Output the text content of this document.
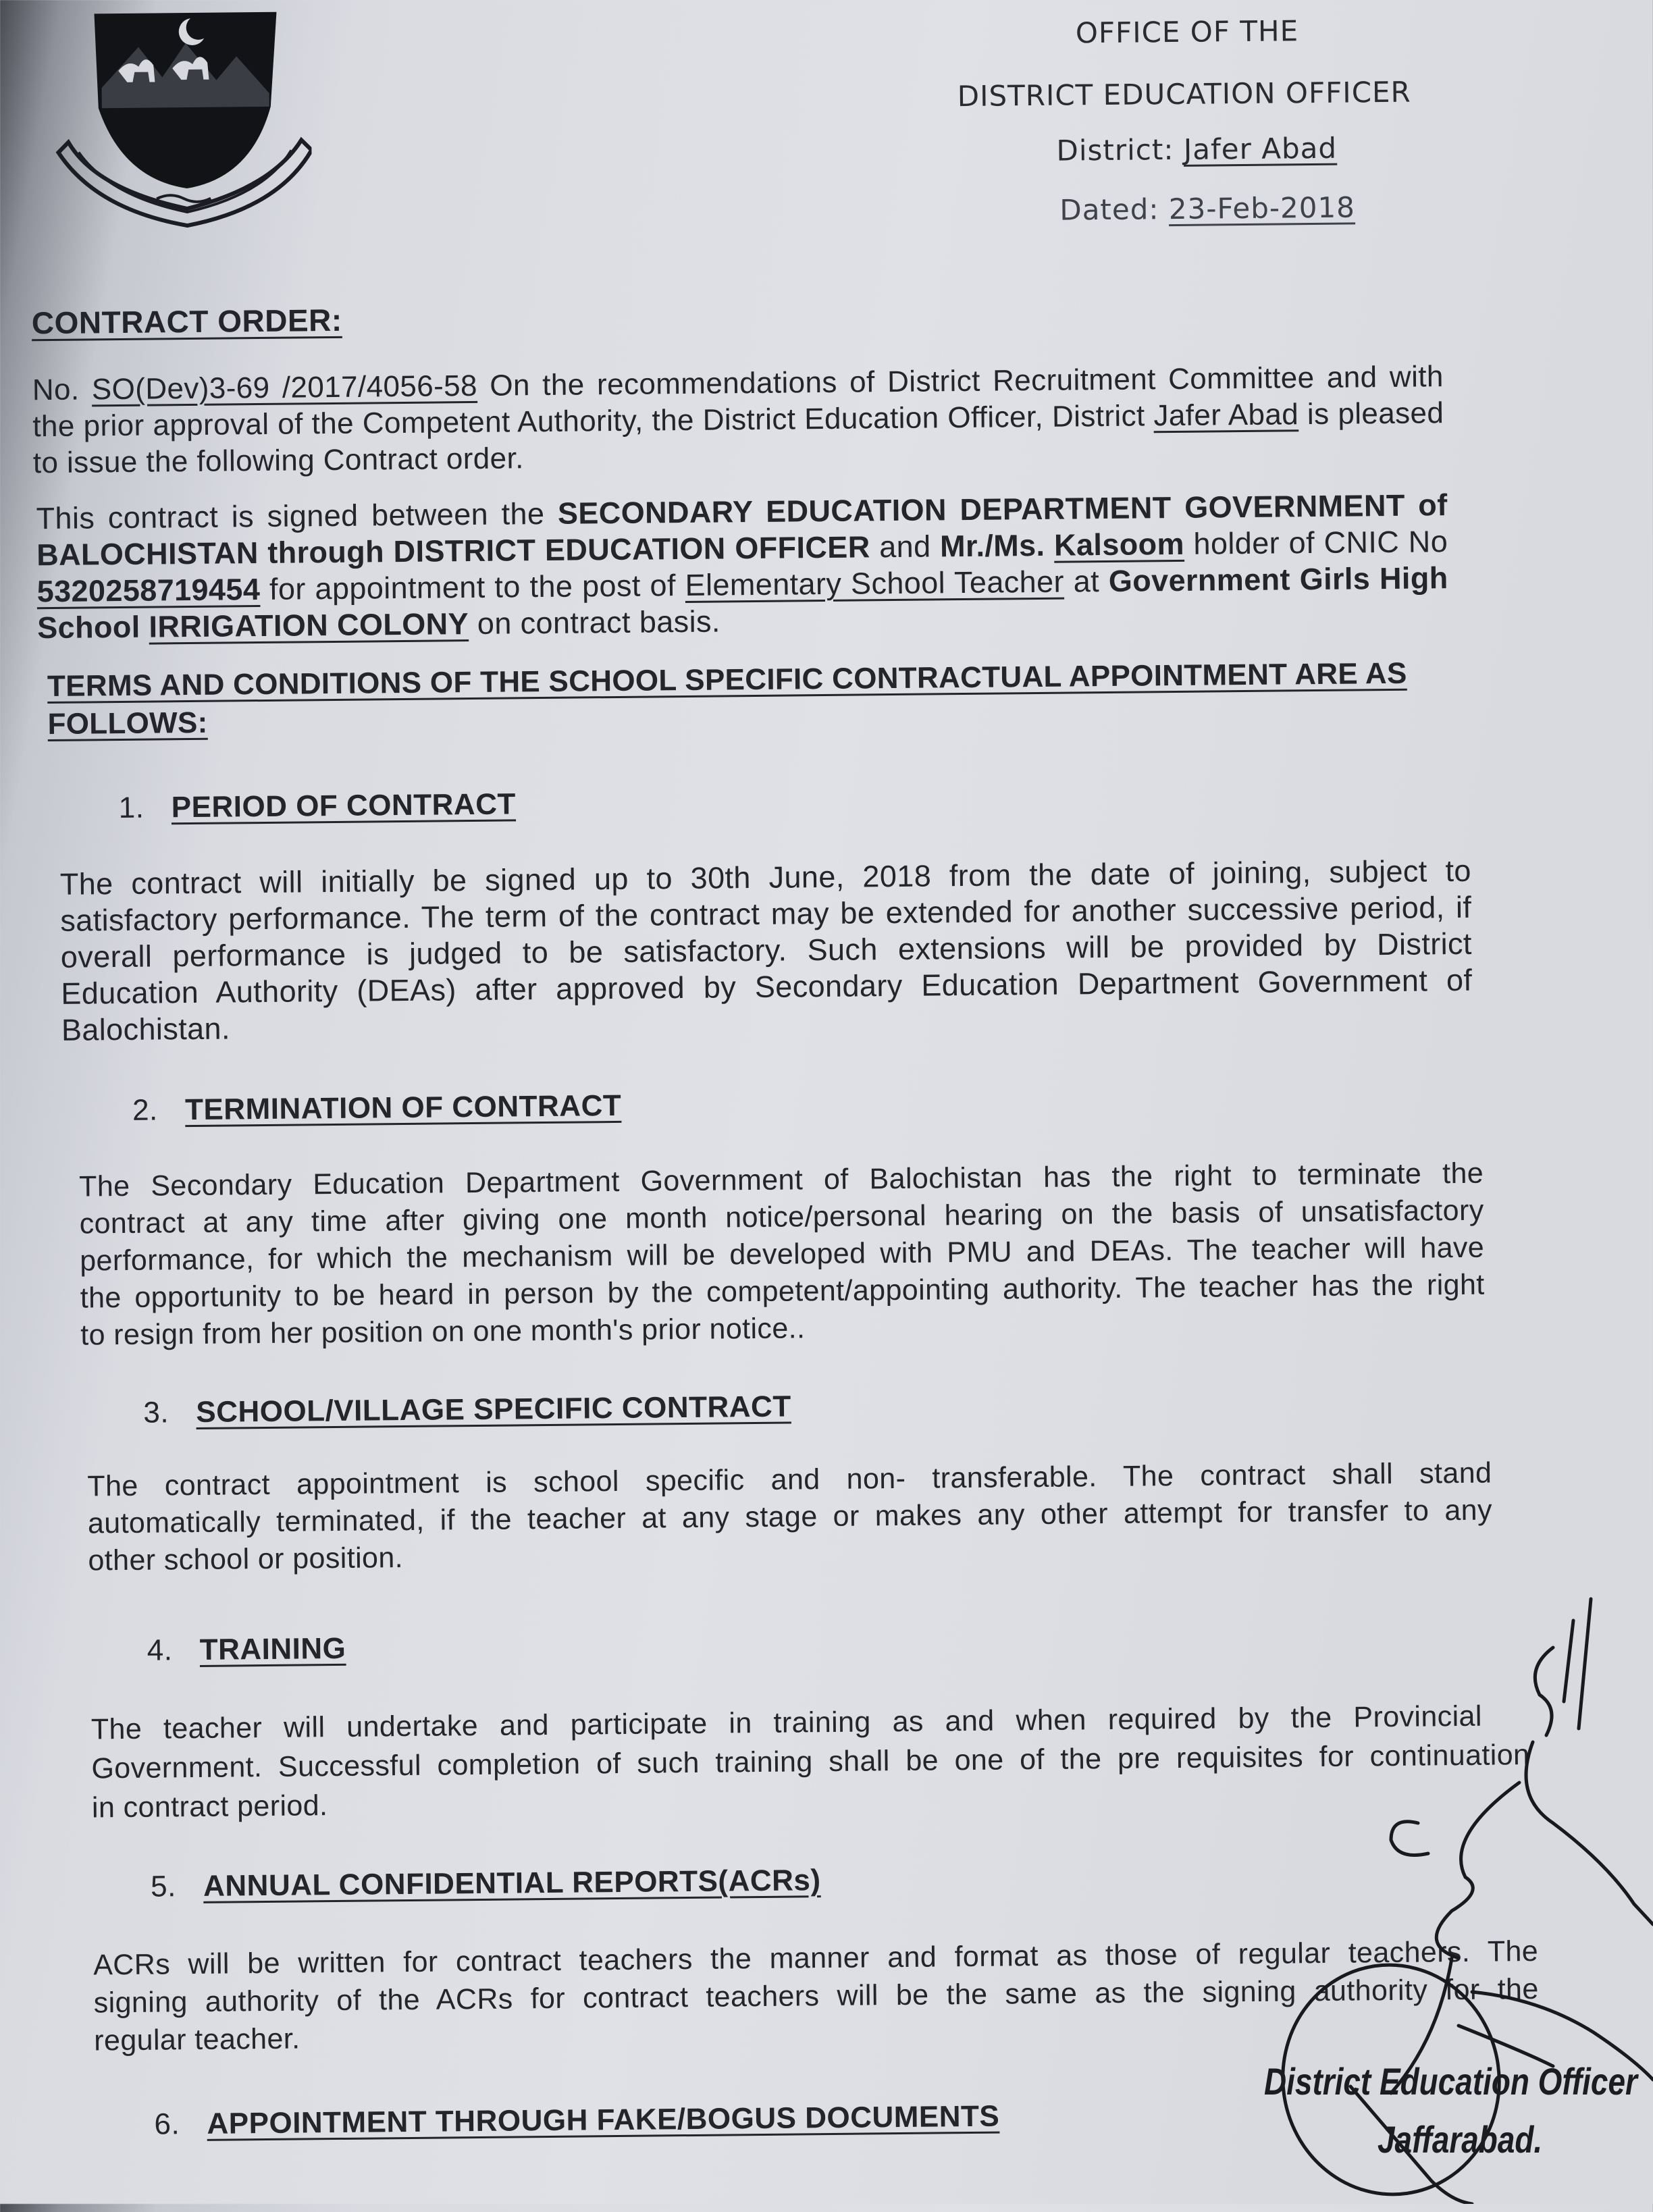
OFFICE OF THE
DISTRICT EDUCATION OFFICER
District: Jafer Abad
Dated: 23-Feb-2018
CONTRACT ORDER:
No. SO(Dev)3-69 /2017/4056-58 On the recommendations of District Recruitment Committee and with the prior approval of the Competent Authority, the District Education Officer, District Jafer Abad is pleased to issue the following Contract order.
This contract is signed between the SECONDARY EDUCATION DEPARTMENT GOVERNMENT of BALOCHISTAN through DISTRICT EDUCATION OFFICER and Mr./Ms. Kalsoom holder of CNIC No 5320258719454 for appointment to the post of Elementary School Teacher at Government Girls High School IRRIGATION COLONY on contract basis.
TERMS AND CONDITIONS OF THE SCHOOL SPECIFIC CONTRACTUAL APPOINTMENT ARE AS FOLLOWS:
1. PERIOD OF CONTRACT
The contract will initially be signed up to 30th June, 2018 from the date of joining, subject to
satisfactory performance. The term of the contract may be extended for another successive period, if
overall performance is judged to be satisfactory. Such extensions will be provided by District
Education Authority (DEAs) after approved by Secondary Education Department Government of
Balochistan.
2. TERMINATION OF CONTRACT
The Secondary Education Department Government of Balochistan has the right to terminate the
contract at any time after giving one month notice/personal hearing on the basis of unsatisfactory
performance, for which the mechanism will be developed with PMU and DEAs. The teacher will have
the opportunity to be heard in person by the competent/appointing authority. The teacher has the right
to resign from her position on one month's prior notice..
3. SCHOOL/VILLAGE SPECIFIC CONTRACT
The contract appointment is school specific and non- transferable. The contract shall stand
automatically terminated, if the teacher at any stage or makes any other attempt for transfer to any
other school or position.
4. TRAINING
The teacher will undertake and participate in training as and when required by the Provincial
Government. Successful completion of such training shall be one of the pre requisites for continuation
in contract period.
5. ANNUAL CONFIDENTIAL REPORTS(ACRs)
ACRs will be written for contract teachers the manner and format as those of regular teachers. The
signing authority of the ACRs for contract teachers will be the same as the signing authority for the
regular teacher.
6. APPOINTMENT THROUGH FAKE/BOGUS DOCUMENTS
District Education Officer
Jaffarabad.
